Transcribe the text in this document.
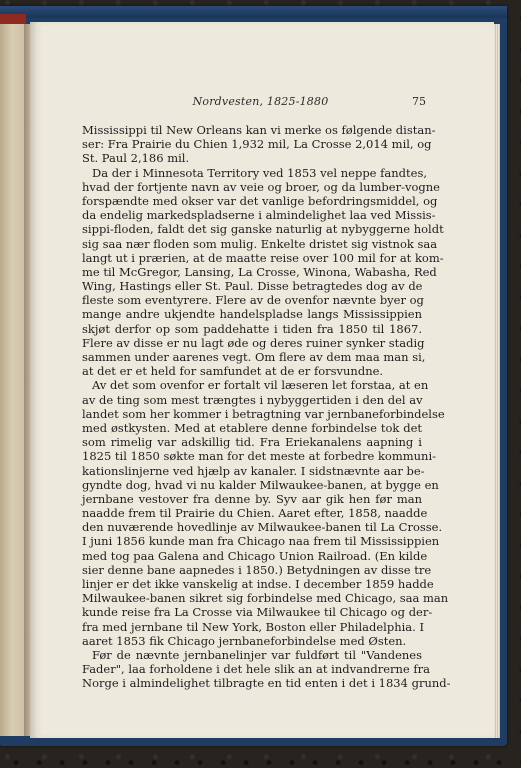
Nordvesten, 1825-1880	75
Mississippi til New Orleans kan vi merke os følgende distan-
ser: Fra Prairie du Chien 1,932 mil, La Crosse 2,014 mil, og
St. Paul 2,186 mil.
Da der i Minnesota Territory ved 1853 vel neppe fandtes,
hvad der fortjente navn av veie og broer, og da lumber-vogne
forspændte med okser var det vanlige befordringsmiddel, og
da endelig markedspladserne i almindelighet laa ved Missis-
sippi-floden, faldt det sig ganske naturlig at nybyggerne holdt
sig saa nær floden som mulig. Enkelte dristet sig vistnok saa
langt ut i prærien, at de maatte reise over 100 mil for at kom-
me til McGregor, Lansing, La Crosse, Winona, Wabasha, Red
Wing, Hastings eller St. Paul. Disse betragtedes dog av de
fleste som eventyrere. Flere av de ovenfor nævnte byer og
mange andre ukjendte handelspladse langs Mississippien
skjøt derfor op som paddehatte i tiden fra 1850 til 1867.
Flere av disse er nu lagt øde og deres ruiner synker stadig
sammen under aarenes vegt. Om flere av dem maa man si,
at det er et held for samfundet at de er forsvundne.
Av det som ovenfor er fortalt vil læseren let forstaa, at en
av de ting som mest trængtes i nybyggertiden i den del av
landet som her kommer i betragtning var jernbaneforbindelse
med østkysten. Med at etablere denne forbindelse tok det
som rimelig var adskillig tid. Fra Eriekanalens aapning i
1825 til 1850 søkte man for det meste at forbedre kommuni-
kationslinjerne ved hjælp av kanaler. I sidstnævnte aar be-
gyndte dog, hvad vi nu kalder Milwaukee-banen, at bygge en
jernbane vestover fra denne by. Syv aar gik hen før man
naadde frem til Prairie du Chien. Aaret efter, 1858, naadde
den nuværende hovedlinje av Milwaukee-banen til La Crosse.
I juni 1856 kunde man fra Chicago naa frem til Mississippien
med tog paa Galena and Chicago Union Railroad. (En kilde
sier denne bane aapnedes i 1850.) Betydningen av disse tre
linjer er det ikke vanskelig at indse. I december 1859 hadde
Milwaukee-banen sikret sig forbindelse med Chicago, saa man
kunde reise fra La Crosse via Milwaukee til Chicago og der-
fra med jernbane til New York, Boston eller Philadelphia. I
aaret 1853 fik Chicago jernbaneforbindelse med Østen.
Før de nævnte jernbanelinjer var fuldført til "Vandenes
Fader", laa forholdene i det hele slik an at indvandrerne fra
Norge i almindelighet tilbragte en tid enten i det i 1834 grund-
